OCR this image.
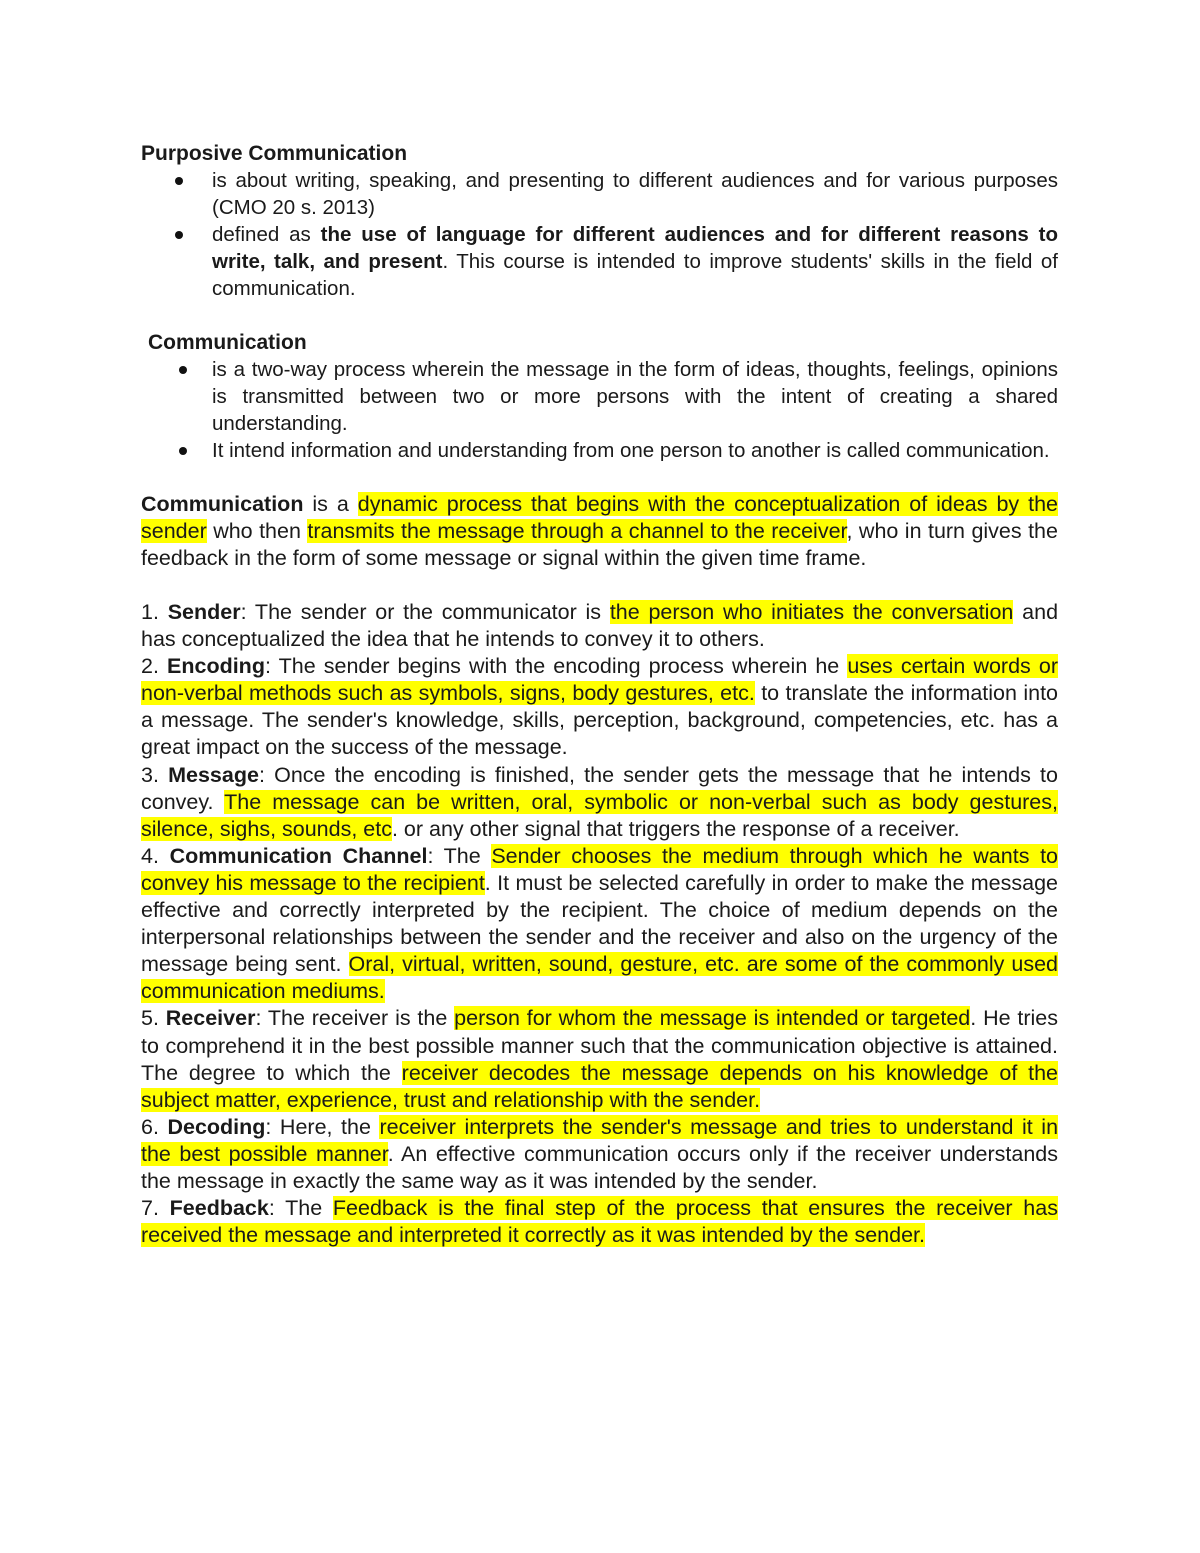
Purposive Communication

is about writing, speaking, and presenting to different audiences and for various purposes (CMO 20 s. 2013)
defined as the use of language for different audiences and for different reasons to write, talk, and present. This course is intended to improve students' skills in the field of communication.

Communication

is a two-way process wherein the message in the form of ideas, thoughts, feelings, opinions is transmitted between two or more persons with the intent of creating a shared understanding.
It intend information and understanding from one person to another is called communication.

Communication is a dynamic process that begins with the conceptualization of ideas by the sender who then transmits the message through a channel to the receiver, who in turn gives the feedback in the form of some message or signal within the given time frame.

1. Sender: The sender or the communicator is the person who initiates the conversation and has conceptualized the idea that he intends to convey it to others.

2. Encoding: The sender begins with the encoding process wherein he uses certain words or non-verbal methods such as symbols, signs, body gestures, etc. to translate the information into a message. The sender's knowledge, skills, perception, background, competencies, etc. has a great impact on the success of the message.

3. Message: Once the encoding is finished, the sender gets the message that he intends to convey. The message can be written, oral, symbolic or non-verbal such as body gestures, silence, sighs, sounds, etc. or any other signal that triggers the response of a receiver.

4. Communication Channel: The Sender chooses the medium through which he wants to convey his message to the recipient. It must be selected carefully in order to make the message effective and correctly interpreted by the recipient. The choice of medium depends on the interpersonal relationships between the sender and the receiver and also on the urgency of the message being sent. Oral, virtual, written, sound, gesture, etc. are some of the commonly used communication mediums.

5. Receiver: The receiver is the person for whom the message is intended or targeted. He tries to comprehend it in the best possible manner such that the communication objective is attained. The degree to which the receiver decodes the message depends on his knowledge of the subject matter, experience, trust and relationship with the sender.

6. Decoding: Here, the receiver interprets the sender's message and tries to understand it in the best possible manner. An effective communication occurs only if the receiver understands the message in exactly the same way as it was intended by the sender.

7. Feedback: The Feedback is the final step of the process that ensures the receiver has received the message and interpreted it correctly as it was intended by the sender.
